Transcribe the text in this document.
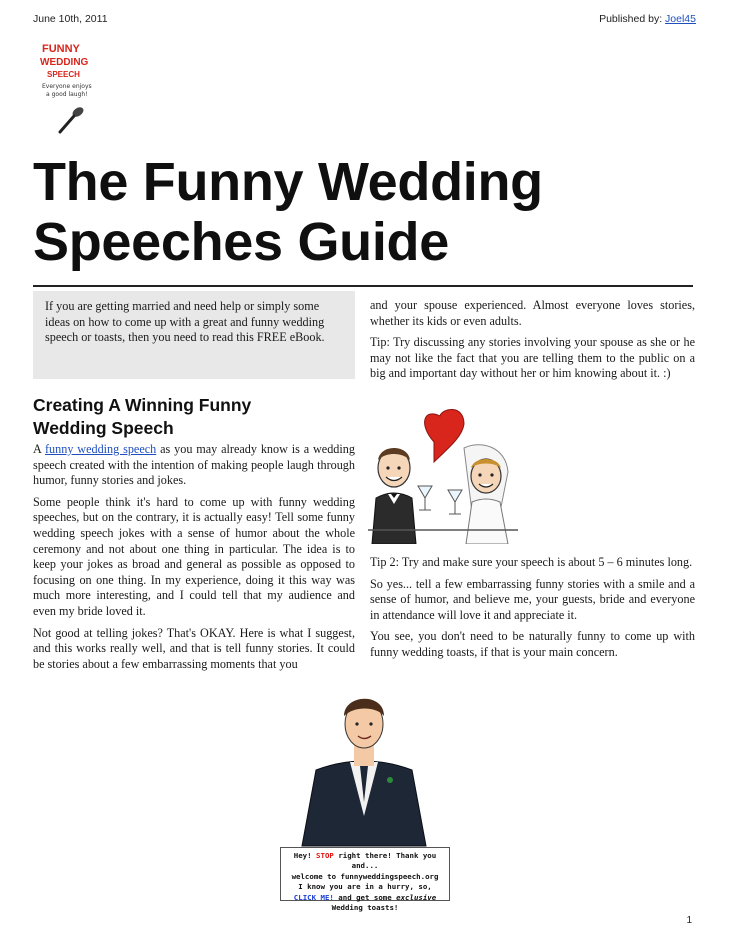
June 10th, 2011	Published by: Joel45
FUNNY
WEDDING
SPEECH
Everyone enjoys
a good laugh!
The Funny Wedding
Speeches Guide
If you are getting married and need help or simply some ideas on how to come up with a great and funny wedding speech or toasts, then you need to read this FREE eBook.
Creating A Winning Funny
Wedding Speech

A funny wedding speech as you may already know is a wedding speech created with the intention of making people laugh through humor, funny stories and jokes.

Some people think it's hard to come up with funny wedding speeches, but on the contrary, it is actually easy! Tell some funny wedding speech jokes with a sense of humor about the whole ceremony and not about one thing in particular. The idea is to keep your jokes as broad and general as possible as opposed to focusing on one thing. In my experience, doing it this way was much more interesting, and I could tell that my audience and even my bride loved it.

Not good at telling jokes? That's OKAY. Here is what I suggest, and this works really well, and that is tell funny stories. It could be stories about a few embarrassing moments that you

and your spouse experienced. Almost everyone loves stories, whether its kids or even adults.

Tip: Try discussing any stories involving your spouse as she or he may not like the fact that you are telling them to the public on a big and important day without her or him knowing about it. :)

Tip 2: Try and make sure your speech is about 5 – 6 minutes long.

So yes... tell a few embarrassing funny stories with a smile and a sense of humor, and believe me, your guests, bride and everyone in attendance will love it and appreciate it.

You see, you don't need to be naturally funny to come up with funny wedding toasts, if that is your main concern.

Hey! STOP right there! Thank you and...
welcome to funnyweddingspeech.org
I know you are in a hurry, so,
CLICK ME! and get some exclusive
Wedding toasts!
1
